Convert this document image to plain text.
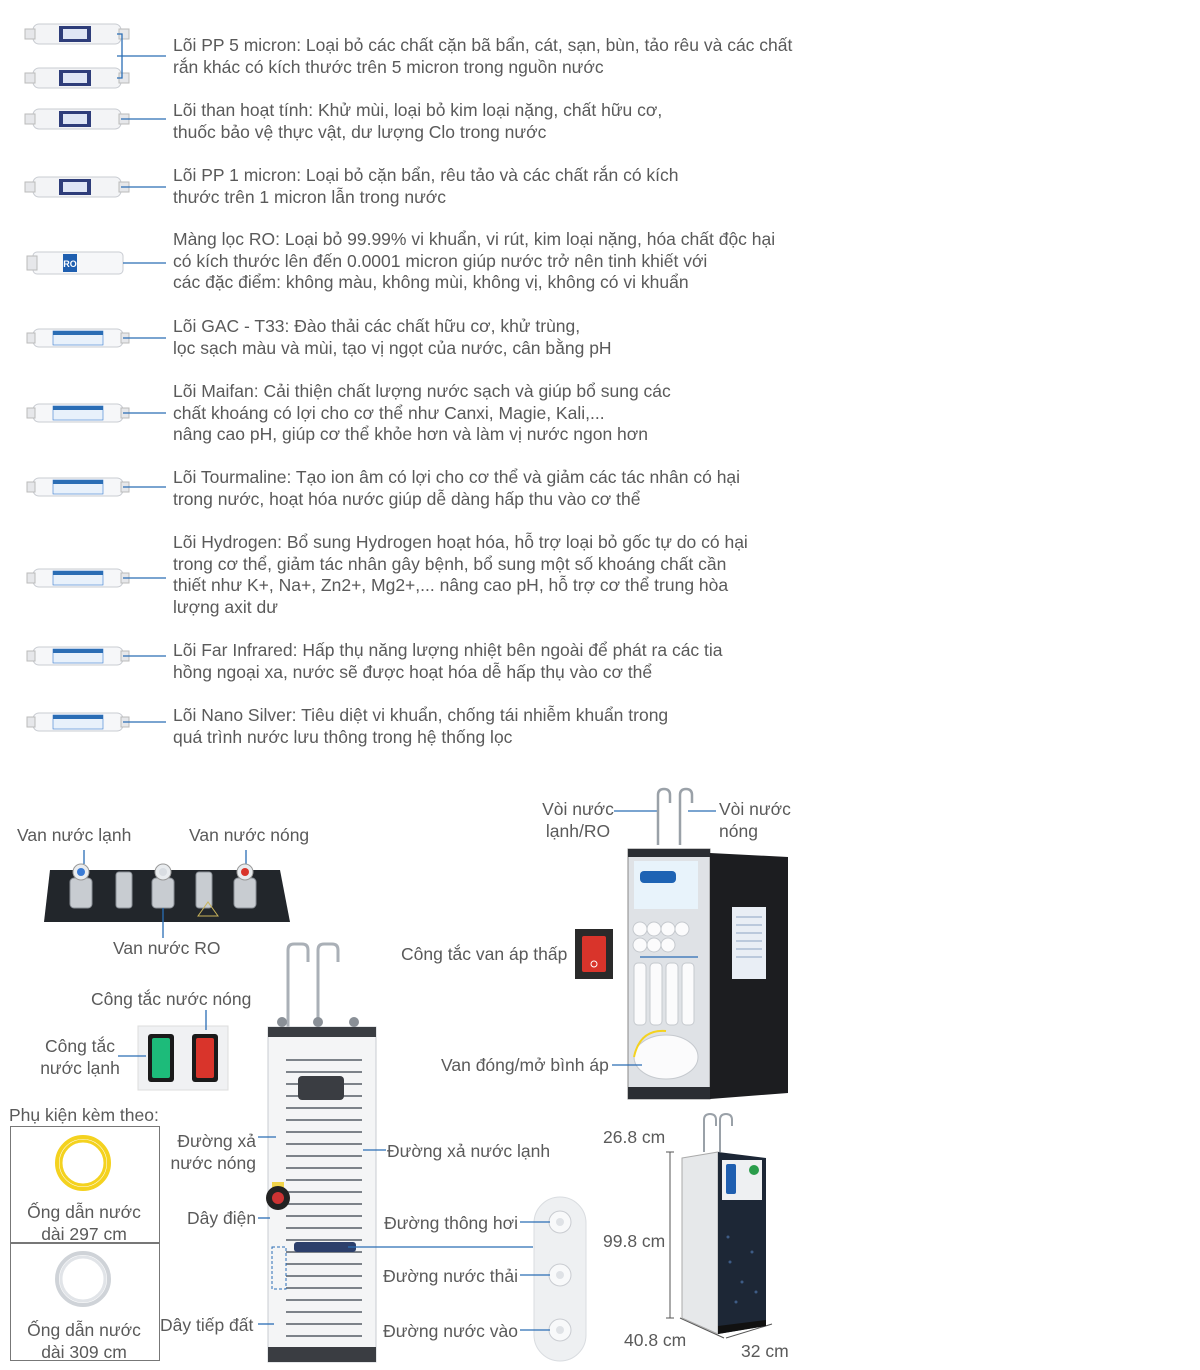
Lõi PP 5 micron: Loại bỏ các chất cặn bã bẩn, cát, sạn, bùn, tảo rêu và các chất
rắn khác có kích thước trên 5 micron trong nguồn nước
Lõi than hoạt tính: Khử mùi, loại bỏ kim loại nặng, chất hữu cơ,
thuốc bảo vệ thực vật, dư lượng Clo trong nước
Lõi PP 1 micron: Loại bỏ cặn bẩn, rêu tảo và các chất rắn có kích
thước trên 1 micron lẫn trong nước
RO
Màng lọc RO: Loại bỏ 99.99% vi khuẩn, vi rút, kim loại nặng, hóa chất độc hại
có kích thước lên đến 0.0001 micron giúp nước trở nên tinh khiết với
các đặc điểm: không màu, không mùi, không vị, không có vi khuẩn
Lõi GAC - T33: Đào thải các chất hữu cơ, khử trùng,
lọc sạch màu và mùi, tạo vị ngọt của nước, cân bằng pH
Lõi Maifan: Cải thiện chất lượng nước sạch và giúp bổ sung các
chất khoáng có lợi cho cơ thể như Canxi, Magie, Kali,...
nâng cao pH, giúp cơ thể khỏe hơn và làm vị nước ngon hơn
Lõi Tourmaline: Tạo ion âm có lợi cho cơ thể và giảm các tác nhân có hại
trong nước, hoạt hóa nước giúp dễ dàng hấp thu vào cơ thể
Lõi Hydrogen: Bổ sung Hydrogen hoạt hóa, hỗ trợ loại bỏ gốc tự do có hại
trong cơ thể, giảm tác nhân gây bệnh, bổ sung một số khoáng chất cần
thiết như K+, Na+, Zn2+, Mg2+,... nâng cao pH, hỗ trợ cơ thể trung hòa
lượng axit dư
Lõi Far Infrared: Hấp thụ năng lượng nhiệt bên ngoài để phát ra các tia
hồng ngoại xa, nước sẽ được hoạt hóa dễ hấp thụ vào cơ thể
Lõi Nano Silver: Tiêu diệt vi khuẩn, chống tái nhiễm khuẩn trong
quá trình nước lưu thông trong hệ thống lọc
Van nước lạnh	Van nước nóng
Van nước RO
Công tắc nước nóng
Công tắc
nước lạnh
Phụ kiện kèm theo:
Ống dẫn nước
dài 297 cm
Ống dẫn nước
dài 309 cm
Đường xả
nước nóng
Dây điện
Dây tiếp đất
Đường xả nước lạnh
Đường thông hơi
Đường nước thải
Đường nước vào
Vòi nước
lạnh/RO
Vòi nước
nóng
Công tắc van áp thấp
Van đóng/mở bình áp
26.8 cm
99.8 cm
40.8 cm
32 cm
